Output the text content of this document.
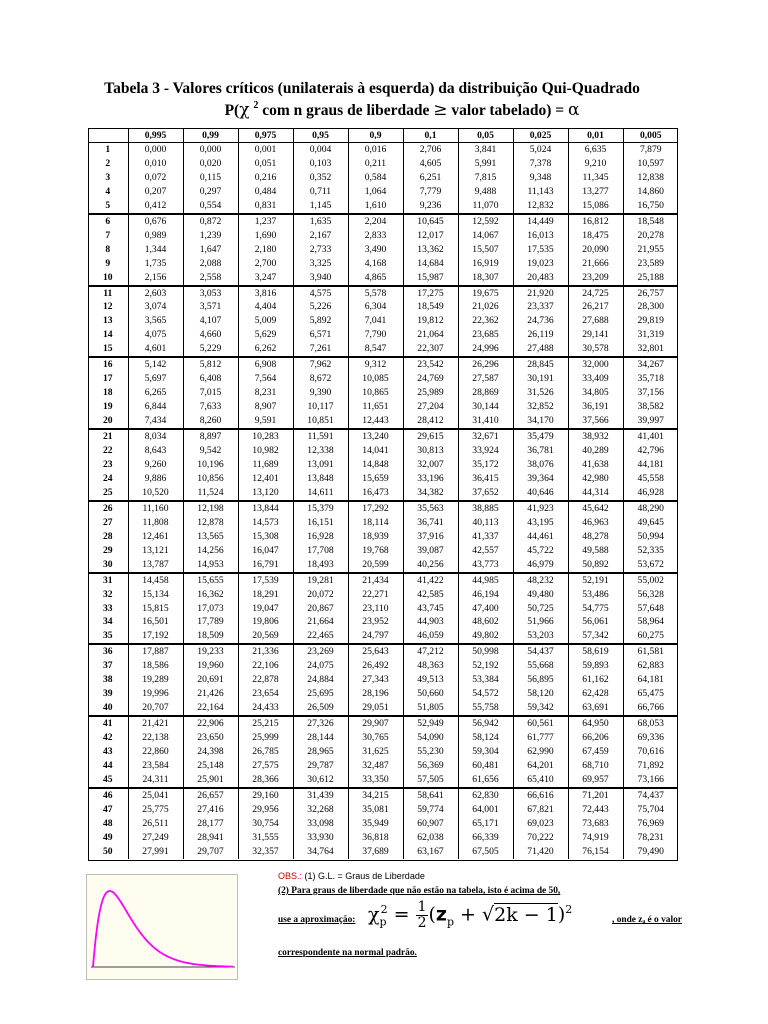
Tabela 3 - Valores críticos (unilaterais à esquerda) da distribuição Qui-Quadrado
P(χ $^2$ com n graus de liberdade ≥ valor tabelado) = α
	0,995	0,99	0,975	0,95	0,9	0,1	0,05	0,025	0,01	0,005
1	0,000	0,000	0,001	0,004	0,016	2,706	3,841	5,024	6,635	7,879
2	0,010	0,020	0,051	0,103	0,211	4,605	5,991	7,378	9,210	10,597
3	0,072	0,115	0,216	0,352	0,584	6,251	7,815	9,348	11,345	12,838
4	0,207	0,297	0,484	0,711	1,064	7,779	9,488	11,143	13,277	14,860
5	0,412	0,554	0,831	1,145	1,610	9,236	11,070	12,832	15,086	16,750
6	0,676	0,872	1,237	1,635	2,204	10,645	12,592	14,449	16,812	18,548
7	0,989	1,239	1,690	2,167	2,833	12,017	14,067	16,013	18,475	20,278
8	1,344	1,647	2,180	2,733	3,490	13,362	15,507	17,535	20,090	21,955
9	1,735	2,088	2,700	3,325	4,168	14,684	16,919	19,023	21,666	23,589
10	2,156	2,558	3,247	3,940	4,865	15,987	18,307	20,483	23,209	25,188
11	2,603	3,053	3,816	4,575	5,578	17,275	19,675	21,920	24,725	26,757
12	3,074	3,571	4,404	5,226	6,304	18,549	21,026	23,337	26,217	28,300
13	3,565	4,107	5,009	5,892	7,041	19,812	22,362	24,736	27,688	29,819
14	4,075	4,660	5,629	6,571	7,790	21,064	23,685	26,119	29,141	31,319
15	4,601	5,229	6,262	7,261	8,547	22,307	24,996	27,488	30,578	32,801
16	5,142	5,812	6,908	7,962	9,312	23,542	26,296	28,845	32,000	34,267
17	5,697	6,408	7,564	8,672	10,085	24,769	27,587	30,191	33,409	35,718
18	6,265	7,015	8,231	9,390	10,865	25,989	28,869	31,526	34,805	37,156
19	6,844	7,633	8,907	10,117	11,651	27,204	30,144	32,852	36,191	38,582
20	7,434	8,260	9,591	10,851	12,443	28,412	31,410	34,170	37,566	39,997
21	8,034	8,897	10,283	11,591	13,240	29,615	32,671	35,479	38,932	41,401
22	8,643	9,542	10,982	12,338	14,041	30,813	33,924	36,781	40,289	42,796
23	9,260	10,196	11,689	13,091	14,848	32,007	35,172	38,076	41,638	44,181
24	9,886	10,856	12,401	13,848	15,659	33,196	36,415	39,364	42,980	45,558
25	10,520	11,524	13,120	14,611	16,473	34,382	37,652	40,646	44,314	46,928
26	11,160	12,198	13,844	15,379	17,292	35,563	38,885	41,923	45,642	48,290
27	11,808	12,878	14,573	16,151	18,114	36,741	40,113	43,195	46,963	49,645
28	12,461	13,565	15,308	16,928	18,939	37,916	41,337	44,461	48,278	50,994
29	13,121	14,256	16,047	17,708	19,768	39,087	42,557	45,722	49,588	52,335
30	13,787	14,953	16,791	18,493	20,599	40,256	43,773	46,979	50,892	53,672
31	14,458	15,655	17,539	19,281	21,434	41,422	44,985	48,232	52,191	55,002
32	15,134	16,362	18,291	20,072	22,271	42,585	46,194	49,480	53,486	56,328
33	15,815	17,073	19,047	20,867	23,110	43,745	47,400	50,725	54,775	57,648
34	16,501	17,789	19,806	21,664	23,952	44,903	48,602	51,966	56,061	58,964
35	17,192	18,509	20,569	22,465	24,797	46,059	49,802	53,203	57,342	60,275
36	17,887	19,233	21,336	23,269	25,643	47,212	50,998	54,437	58,619	61,581
37	18,586	19,960	22,106	24,075	26,492	48,363	52,192	55,668	59,893	62,883
38	19,289	20,691	22,878	24,884	27,343	49,513	53,384	56,895	61,162	64,181
39	19,996	21,426	23,654	25,695	28,196	50,660	54,572	58,120	62,428	65,475
40	20,707	22,164	24,433	26,509	29,051	51,805	55,758	59,342	63,691	66,766
41	21,421	22,906	25,215	27,326	29,907	52,949	56,942	60,561	64,950	68,053
42	22,138	23,650	25,999	28,144	30,765	54,090	58,124	61,777	66,206	69,336
43	22,860	24,398	26,785	28,965	31,625	55,230	59,304	62,990	67,459	70,616
44	23,584	25,148	27,575	29,787	32,487	56,369	60,481	64,201	68,710	71,892
45	24,311	25,901	28,366	30,612	33,350	57,505	61,656	65,410	69,957	73,166
46	25,041	26,657	29,160	31,439	34,215	58,641	62,830	66,616	71,201	74,437
47	25,775	27,416	29,956	32,268	35,081	59,774	64,001	67,821	72,443	75,704
48	26,511	28,177	30,754	33,098	35,949	60,907	65,171	69,023	73,683	76,969
49	27,249	28,941	31,555	33,930	36,818	62,038	66,339	70,222	74,919	78,231
50	27,991	29,707	32,357	34,764	37,689	63,167	67,505	71,420	76,154	79,490
OBS.: (1) G.L. = Graus de Liberdade
(2) Para graus de liberdade que não estão na tabela, isto é acima de 50,
use a aproximação: $\chi_p^2 = \frac{1}{2} (z_p + √2k - 1)^2$
, onde zₐ é o valor
correspondente na normal padrão.
